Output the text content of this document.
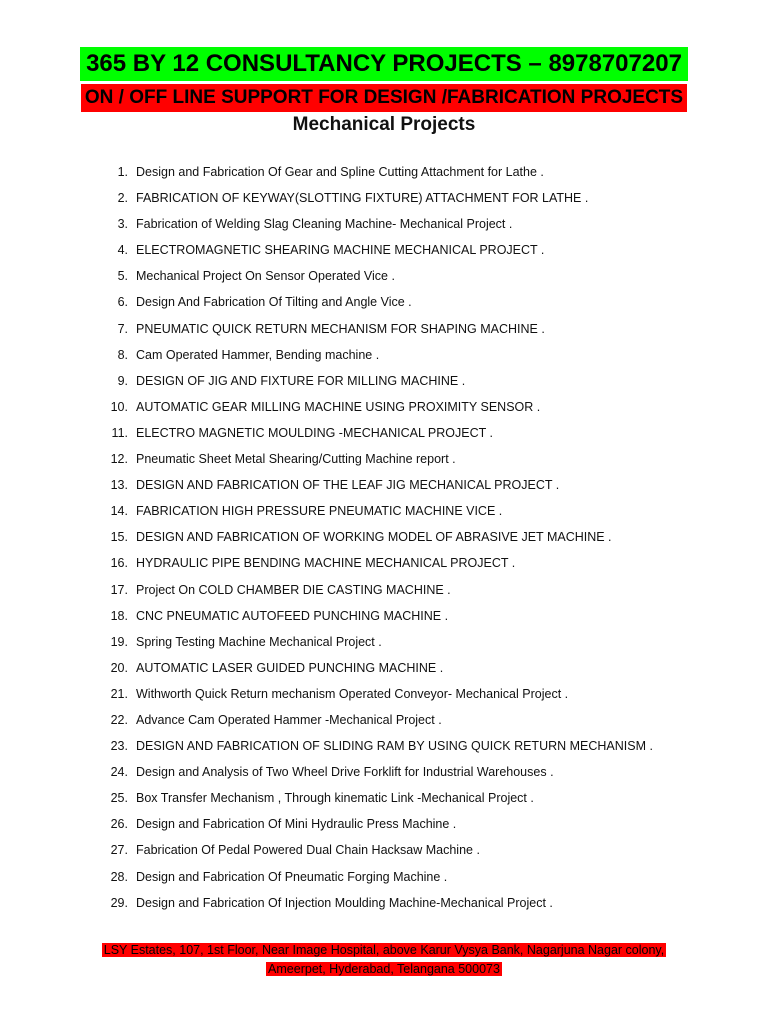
365 BY 12 CONSULTANCY PROJECTS – 8978707207
ON / OFF LINE SUPPORT FOR DESIGN /FABRICATION PROJECTS
Mechanical Projects
1. Design and Fabrication Of Gear and Spline Cutting Attachment for Lathe .
2. FABRICATION OF KEYWAY(SLOTTING FIXTURE) ATTACHMENT FOR LATHE .
3. Fabrication of Welding Slag Cleaning Machine- Mechanical Project .
4. ELECTROMAGNETIC SHEARING MACHINE MECHANICAL PROJECT .
5. Mechanical Project On Sensor Operated Vice .
6. Design And Fabrication Of Tilting and Angle Vice .
7. PNEUMATIC QUICK RETURN MECHANISM FOR SHAPING MACHINE .
8. Cam Operated Hammer, Bending machine .
9. DESIGN OF JIG AND FIXTURE FOR MILLING MACHINE .
10. AUTOMATIC GEAR MILLING MACHINE USING PROXIMITY SENSOR .
11. ELECTRO MAGNETIC MOULDING -MECHANICAL PROJECT .
12. Pneumatic Sheet Metal Shearing/Cutting Machine report .
13. DESIGN AND FABRICATION OF THE LEAF JIG MECHANICAL PROJECT .
14. FABRICATION HIGH PRESSURE PNEUMATIC MACHINE VICE .
15. DESIGN AND FABRICATION OF WORKING MODEL OF ABRASIVE JET MACHINE .
16. HYDRAULIC PIPE BENDING MACHINE MECHANICAL PROJECT .
17. Project On COLD CHAMBER DIE CASTING MACHINE .
18. CNC PNEUMATIC AUTOFEED PUNCHING MACHINE .
19. Spring Testing Machine Mechanical Project .
20. AUTOMATIC LASER GUIDED PUNCHING MACHINE .
21. Withworth Quick Return mechanism Operated Conveyor- Mechanical Project .
22. Advance Cam Operated Hammer -Mechanical Project .
23. DESIGN AND FABRICATION OF SLIDING RAM BY USING QUICK RETURN MECHANISM .
24. Design and Analysis of Two Wheel Drive Forklift for Industrial Warehouses .
25. Box Transfer Mechanism , Through kinematic Link -Mechanical Project .
26. Design and Fabrication Of Mini Hydraulic Press Machine .
27. Fabrication Of Pedal Powered Dual Chain Hacksaw Machine .
28. Design and Fabrication Of Pneumatic Forging Machine .
29. Design and Fabrication Of Injection Moulding Machine-Mechanical Project .
LSY Estates, 107, 1st Floor, Near Image Hospital, above Karur Vysya Bank, Nagarjuna Nagar colony,
Ameerpet, Hyderabad, Telangana 500073
